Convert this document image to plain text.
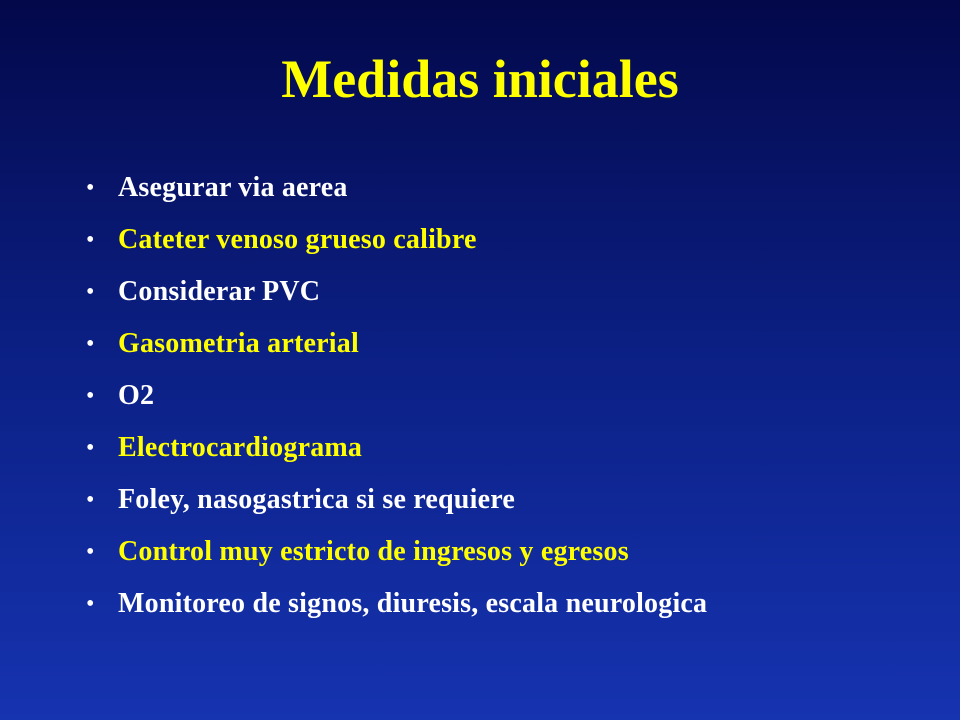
Medidas iniciales
• Asegurar via aerea
• Cateter venoso grueso calibre
• Considerar PVC
• Gasometria arterial
• O2
• Electrocardiograma
• Foley, nasogastrica si se requiere
• Control muy estricto de ingresos y egresos
• Monitoreo de signos, diuresis, escala neurologica
